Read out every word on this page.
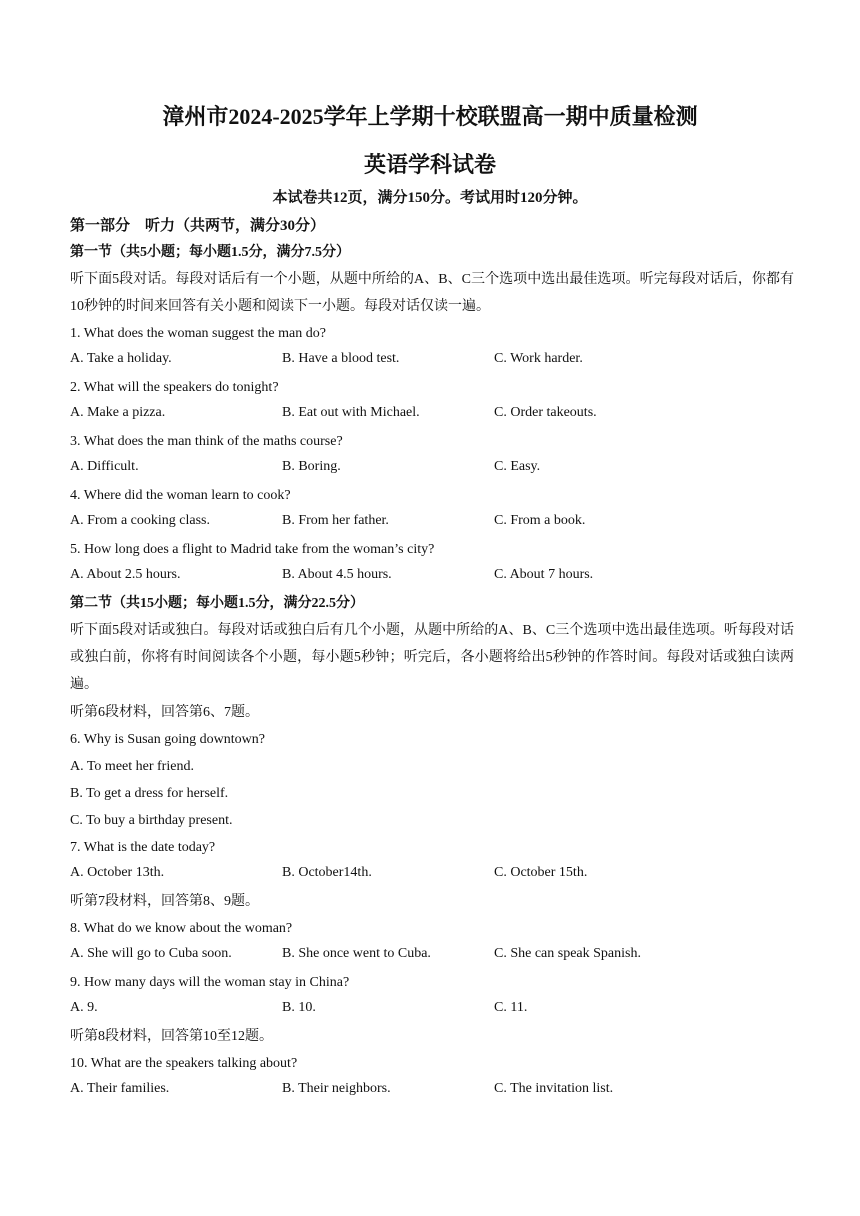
漳州市2024-2025学年上学期十校联盟高一期中质量检测
英语学科试卷
本试卷共12页，满分150分。考试用时120分钟。
第一部分　听力（共两节，满分30分）
第一节（共5小题；每小题1.5分，满分7.5分）
听下面5段对话。每段对话后有一个小题，从题中所给的A、B、C三个选项中选出最佳选项。听完每段对话后，你都有10秒钟的时间来回答有关小题和阅读下一小题。每段对话仅读一遍。
1. What does the woman suggest the man do?
A. Take a holiday.	B. Have a blood test.	C. Work harder.
2. What will the speakers do tonight?
A. Make a pizza.	B. Eat out with Michael.	C. Order takeouts.
3. What does the man think of the maths course?
A. Difficult.	B. Boring.	C. Easy.
4. Where did the woman learn to cook?
A. From a cooking class.	B. From her father.	C. From a book.
5. How long does a flight to Madrid take from the woman’s city?
A. About 2.5 hours.	B. About 4.5 hours.	C. About 7 hours.
第二节（共15小题；每小题1.5分，满分22.5分）
听下面5段对话或独白。每段对话或独白后有几个小题，从题中所给的A、B、C三个选项中选出最佳选项。听每段对话或独白前，你将有时间阅读各个小题，每小题5秒钟；听完后，各小题将给出5秒钟的作答时间。每段对话或独白读两遍。
听第6段材料，回答第6、7题。
6. Why is Susan going downtown?
A. To meet her friend.
B. To get a dress for herself.
C. To buy a birthday present.
7. What is the date today?
A. October 13th.	B. October14th.	C. October 15th.
听第7段材料，回答第8、9题。
8. What do we know about the woman?
A. She will go to Cuba soon.	B. She once went to Cuba.	C. She can speak Spanish.
9. How many days will the woman stay in China?
A. 9.	B. 10.	C. 11.
听第8段材料，回答第10至12题。
10. What are the speakers talking about?
A. Their families.	B. Their neighbors.	C. The invitation list.
